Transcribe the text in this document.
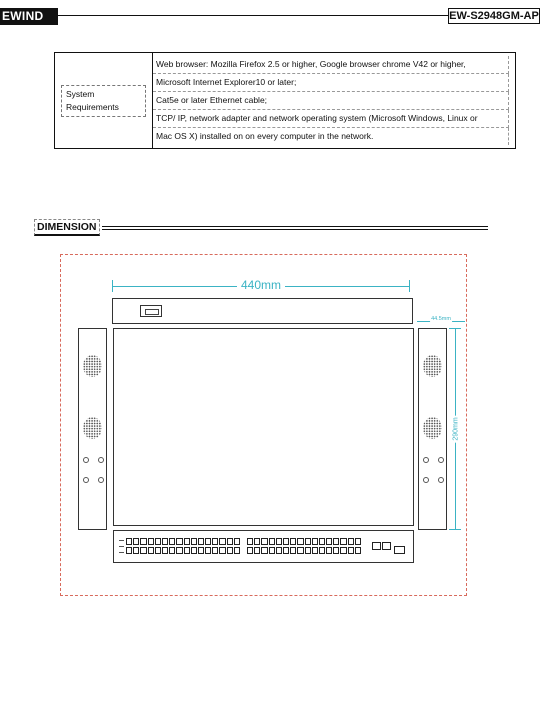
EWIND	EW-S2948GM-AP
System
Requirements

Web browser: Mozilla Firefox 2.5 or higher, Google browser chrome V42 or higher,
Microsoft Internet Explorer10 or later;
Cat5e or later Ethernet cable;
TCP/ IP, network adapter and network operating system (Microsoft Windows, Linux or
Mac OS X) installed on on every computer in the network.
DIMENSION
440mm
44.5mm
290mm
